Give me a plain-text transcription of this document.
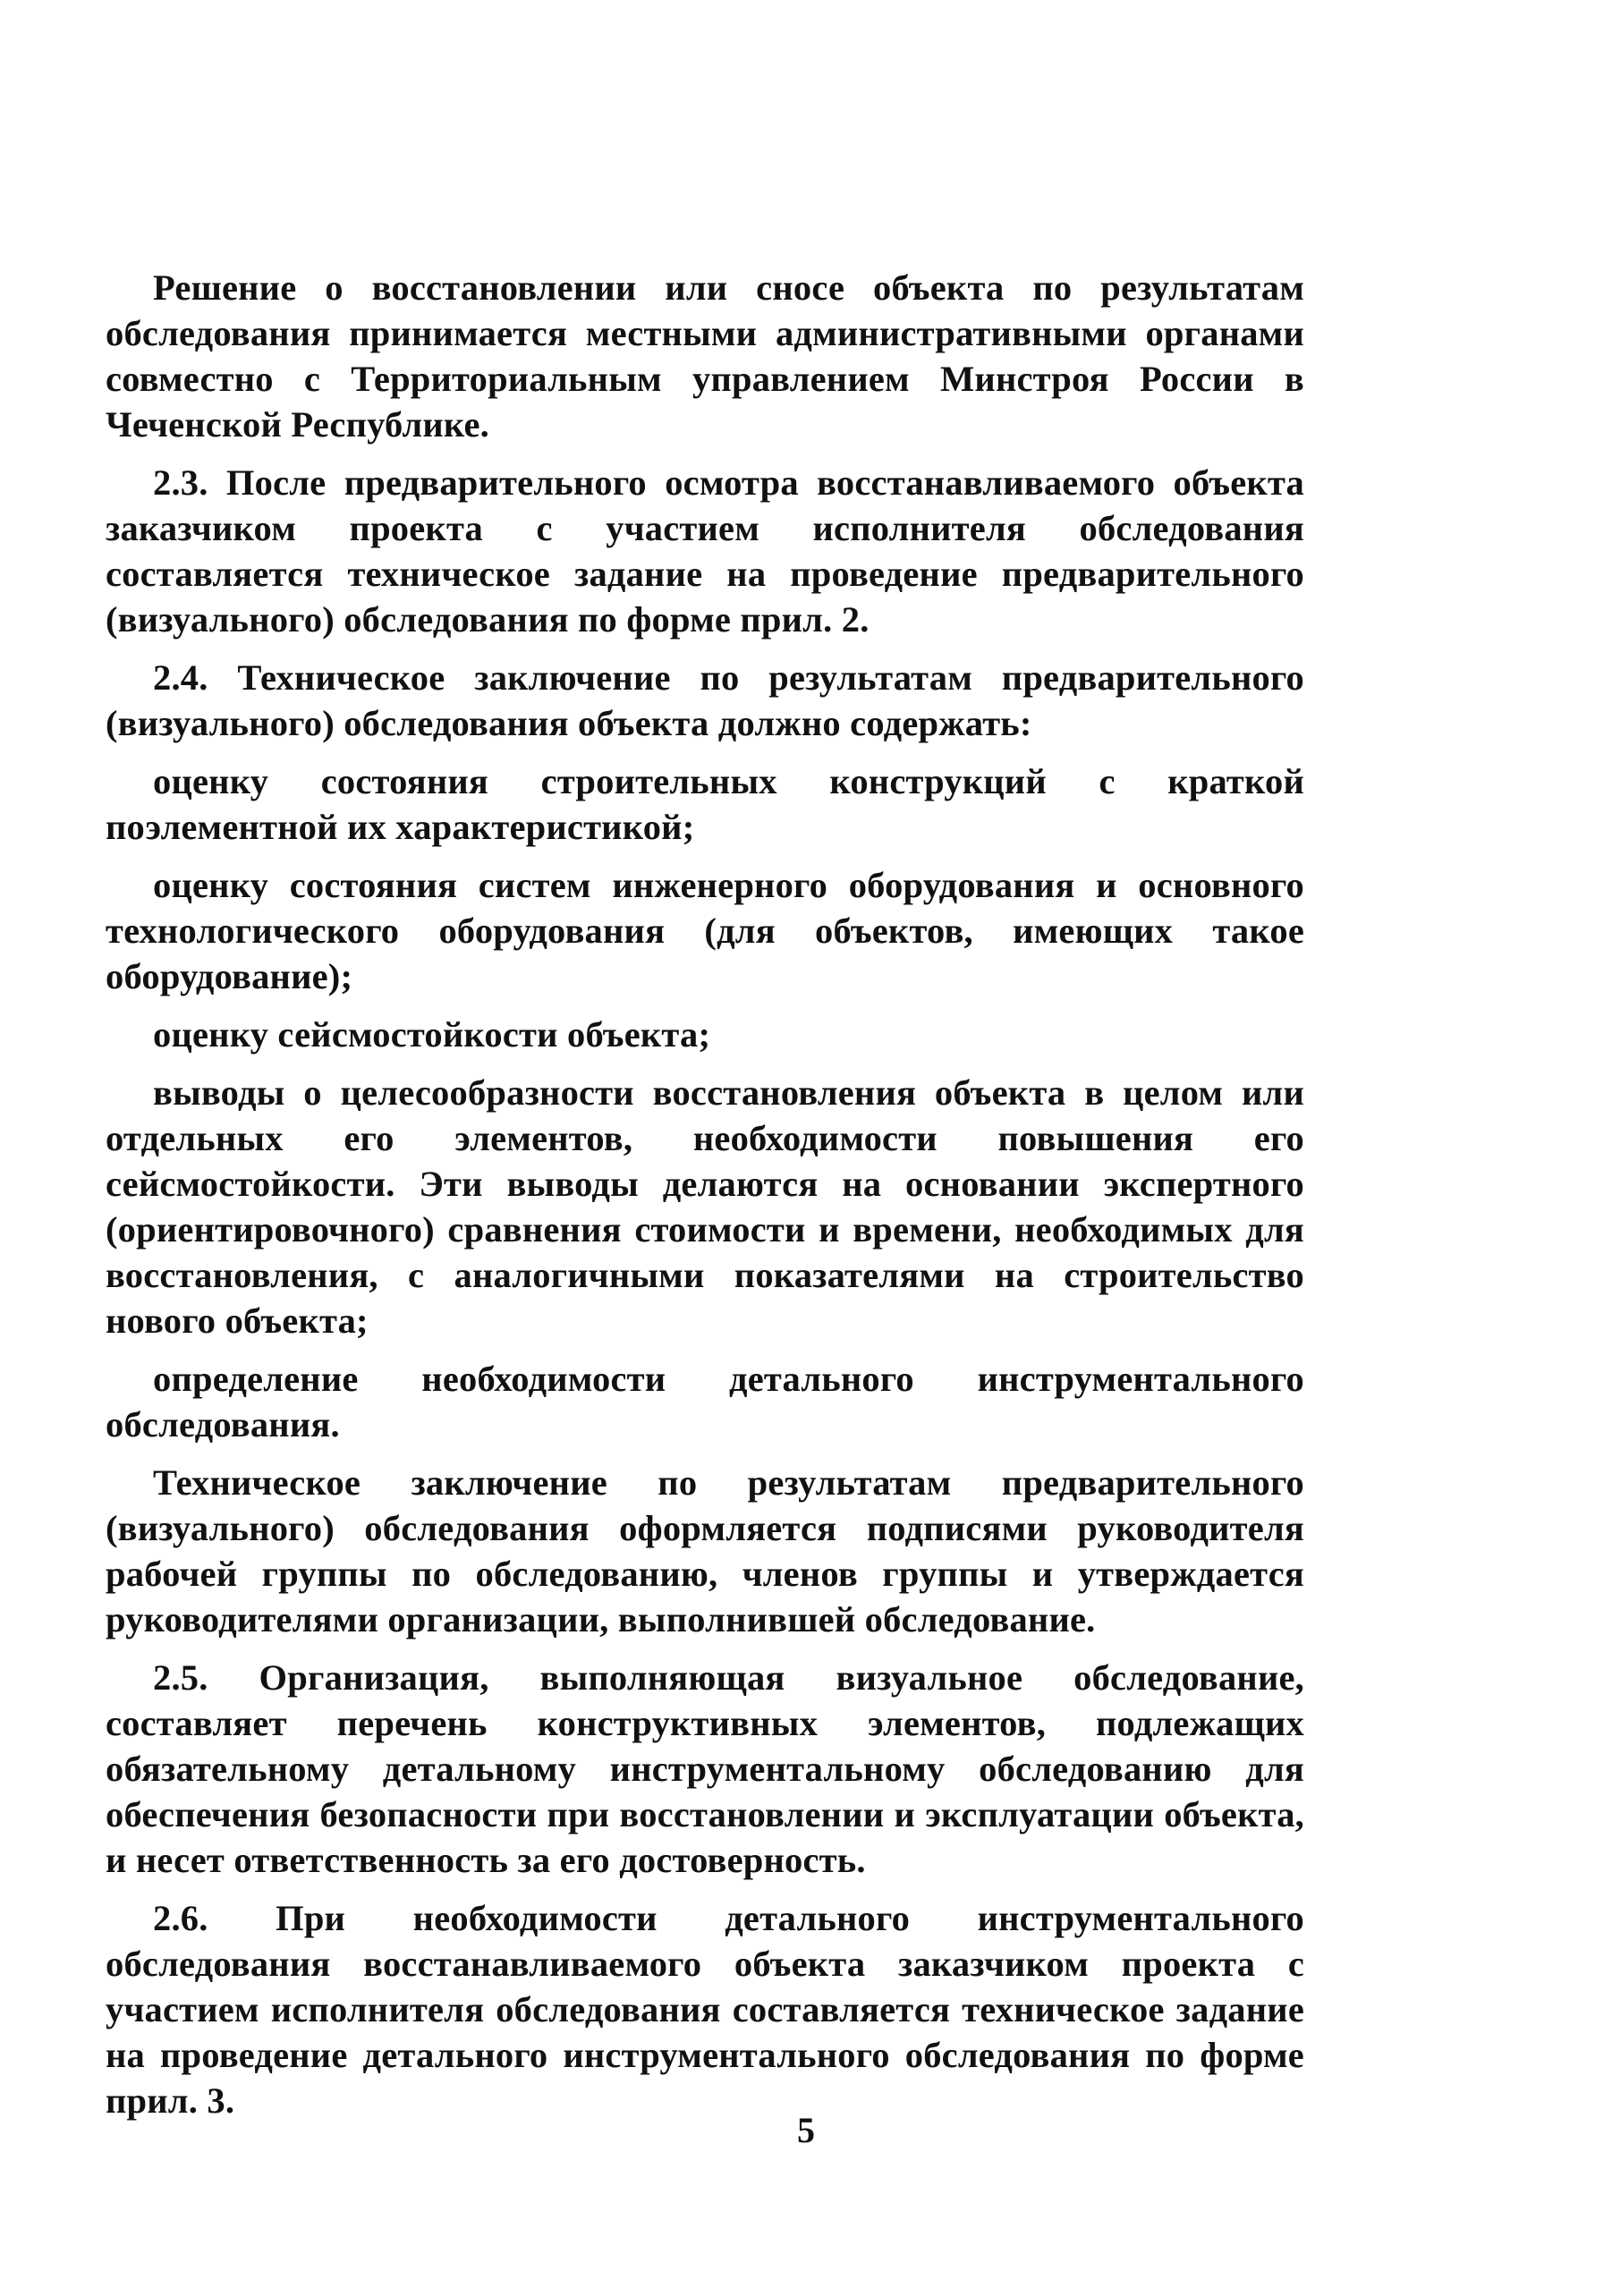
Решение о восстановлении или сносе объекта по результатам обследования принимается местными административными органами совместно с Территориальным управлением Минстроя России в Чеченской Республике.

2.3. После предварительного осмотра восстанавливаемого объекта заказчиком проекта с участием исполнителя обследования составляется техническое задание на проведение предварительного (визуального) обследования по форме прил. 2.

2.4. Техническое заключение по результатам предварительного (визуального) обследования объекта должно содержать:

оценку состояния строительных конструкций с краткой поэлементной их характеристикой;

оценку состояния систем инженерного оборудования и основного технологического оборудования (для объектов, имеющих такое оборудование);

оценку сейсмостойкости объекта;

выводы о целесообразности восстановления объекта в целом или отдельных его элементов, необходимости повышения его сейсмостойкости. Эти выводы делаются на основании экспертного (ориентировочного) сравнения стоимости и времени, необходимых для восстановления, с аналогичными показателями на строительство нового объекта;

определение необходимости детального инструментального обследования.

Техническое заключение по результатам предварительного (визуального) обследования оформляется подписями руководителя рабочей группы по обследованию, членов группы и утверждается руководителями организации, выполнившей обследование.

2.5. Организация, выполняющая визуальное обследование, составляет перечень конструктивных элементов, подлежащих обязательному детальному инструментальному обследованию для обеспечения безопасности при восстановлении и эксплуатации объекта, и несет ответственность за его достоверность.

2.6. При необходимости детального инструментального обследования восстанавливаемого объекта заказчиком проекта с участием исполнителя обследования составляется техническое задание на проведение детального инструментального обследования по форме прил. 3.

5
